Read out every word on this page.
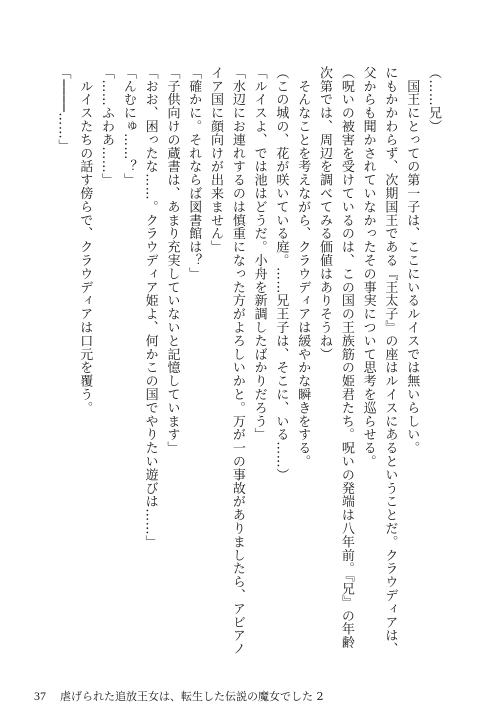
（……兄）
　国王にとっての第一子は、ここにいるルイスでは無いらしい。
にもかかわらず、次期国王である『王太子』の座はルイスにあるということだ。クラウディアは、
父からも聞かされていなかったその事実について思考を巡らせる。
（呪いの被害を受けているのは、この国の王族筋の姫君たち。呪いの発端は八年前。『兄』の年齢
次第では、周辺を調べてみる価値はありそうね）
　そんなことを考えながら、クラウディアは緩やかな瞬きをする。
（この城の、花が咲いている庭。……兄王子は、そこに、いる……）
「ルイスよ、では池はどうだ。小舟を新調したばかりだろう」
「水辺にお連れするのは慎重になった方がよろしいかと。万が一の事故がありましたら、アビアノ
イア国に顔向けが出来ません」
「確かに。それならば図書館は？」
「子供向けの蔵書は、あまり充実していないと記憶しています」
「おお、困ったな……。クラウディア姫よ、何かこの国でやりたい遊びは……」
「んむにゅ……？」
「……ふわあ……」
　ルイスたちの話す傍らで、クラウディアは口元を覆う。
「────……」
37 虐げられた追放王女は、転生した伝説の魔女でした 2
